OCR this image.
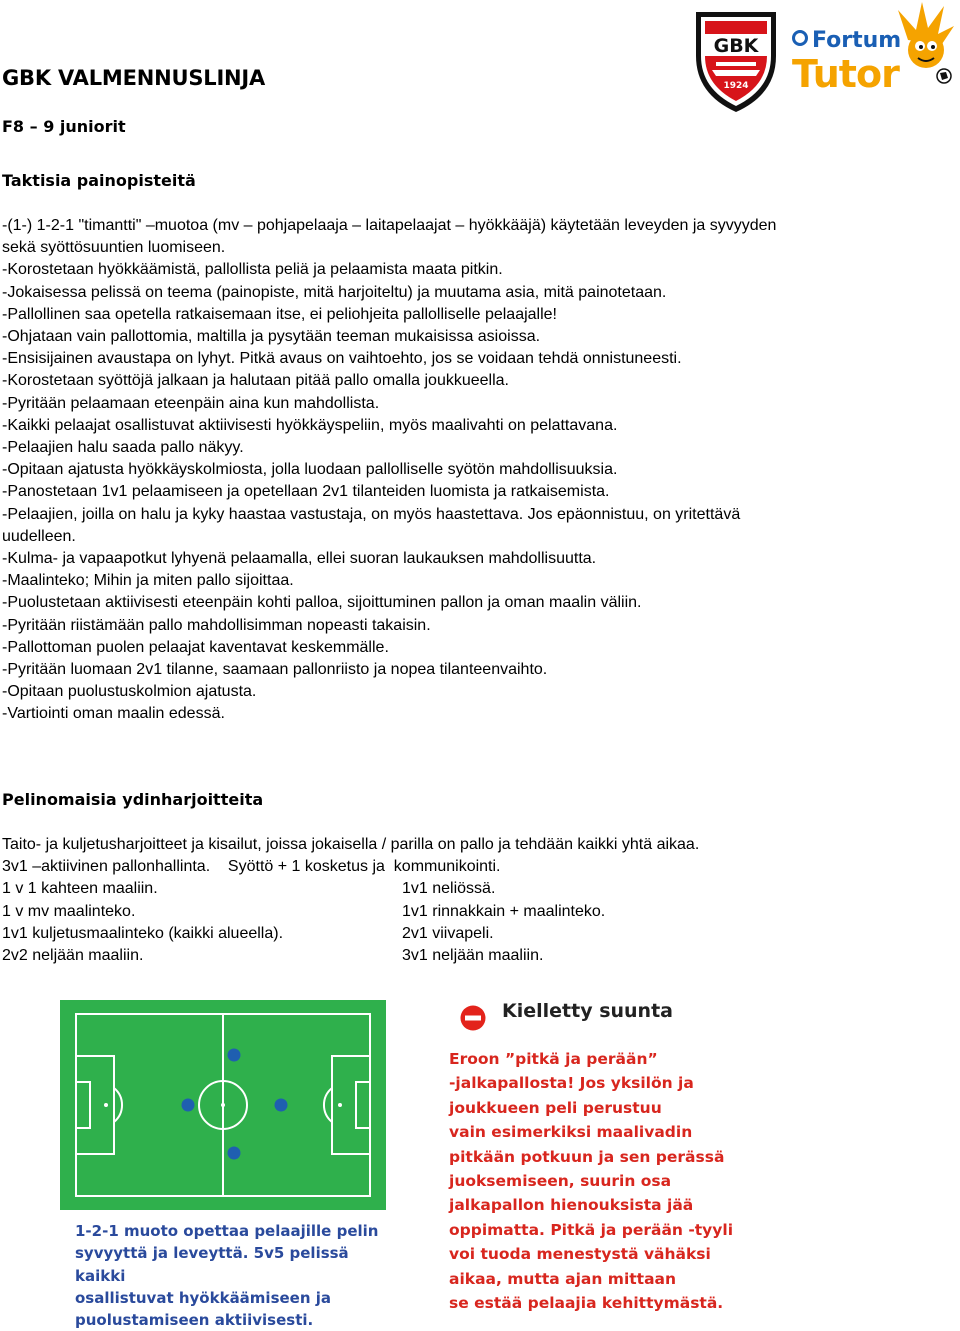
GBK VALMENNUSLINJA
F8 – 9 juniorit
GBK
1924
Fortum
Tutor
Taktisia painopisteitä
-(1-) 1-2-1 "timantti" –muotoa (mv – pohjapelaaja – laitapelaajat – hyökkääjä) käytetään leveyden ja syvyyden
sekä syöttösuuntien luomiseen.
-Korostetaan hyökkäämistä, pallollista peliä ja pelaamista maata pitkin.
-Jokaisessa pelissä on teema (painopiste, mitä harjoiteltu) ja muutama asia, mitä painotetaan.
-Pallollinen saa opetella ratkaisemaan itse, ei peliohjeita pallolliselle pelaajalle!
-Ohjataan vain pallottomia, maltilla ja pysytään teeman mukaisissa asioissa.
-Ensisijainen avaustapa on lyhyt. Pitkä avaus on vaihtoehto, jos se voidaan tehdä onnistuneesti.
-Korostetaan syöttöjä jalkaan ja halutaan pitää pallo omalla joukkueella.
-Pyritään pelaamaan eteenpäin aina kun mahdollista.
-Kaikki pelaajat osallistuvat aktiivisesti hyökkäyspeliin, myös maalivahti on pelattavana.
-Pelaajien halu saada pallo näkyy.
-Opitaan ajatusta hyökkäyskolmiosta, jolla luodaan pallolliselle syötön mahdollisuuksia.
-Panostetaan 1v1 pelaamiseen ja opetellaan 2v1 tilanteiden luomista ja ratkaisemista.
-Pelaajien, joilla on halu ja kyky haastaa vastustaja, on myös haastettava. Jos epäonnistuu, on yritettävä
uudelleen.
-Kulma- ja vapaapotkut lyhyenä pelaamalla, ellei suoran laukauksen mahdollisuutta.
-Maalinteko; Mihin ja miten pallo sijoittaa.
-Puolustetaan aktiivisesti eteenpäin kohti palloa, sijoittuminen pallon ja oman maalin väliin.
-Pyritään riistämään pallo mahdollisimman nopeasti takaisin.
-Pallottoman puolen pelaajat kaventavat keskemmälle.
-Pyritään luomaan 2v1 tilanne, saamaan pallonriisto ja nopea tilanteenvaihto.
-Opitaan puolustuskolmion ajatusta.
-Vartiointi oman maalin edessä.
Pelinomaisia ydinharjoitteita
Taito- ja kuljetusharjoitteet ja kisailut, joissa jokaisella / parilla on pallo ja tehdään kaikki yhtä aikaa.
3v1 –aktiivinen pallonhallinta.    Syöttö + 1 kosketus ja  kommunikointi.
1 v 1 kahteen maaliin.	1v1 neliössä.
1 v mv maalinteko.	1v1 rinnakkain + maalinteko.
1v1 kuljetusmaalinteko (kaikki alueella).	2v1 viivapeli.
2v2 neljään maaliin.	3v1 neljään maaliin.
1-2-1 muoto opettaa pelaajille pelin
syvyyttä ja leveyttä. 5v5 pelissä kaikki
osallistuvat hyökkäämiseen ja
puolustamiseen aktiivisesti.
Kielletty suunta
Eroon ”pitkä ja perään”
-jalkapallosta! Jos yksilön ja
joukkueen peli perustuu
vain esimerkiksi maalivadin
pitkään potkuun ja sen perässä
juoksemiseen, suurin osa
jalkapallon hienouksista jää
oppimatta. Pitkä ja perään -tyyli
voi tuoda menestystä vähäksi
aikaa, mutta ajan mittaan
se estää pelaajia kehittymästä.
